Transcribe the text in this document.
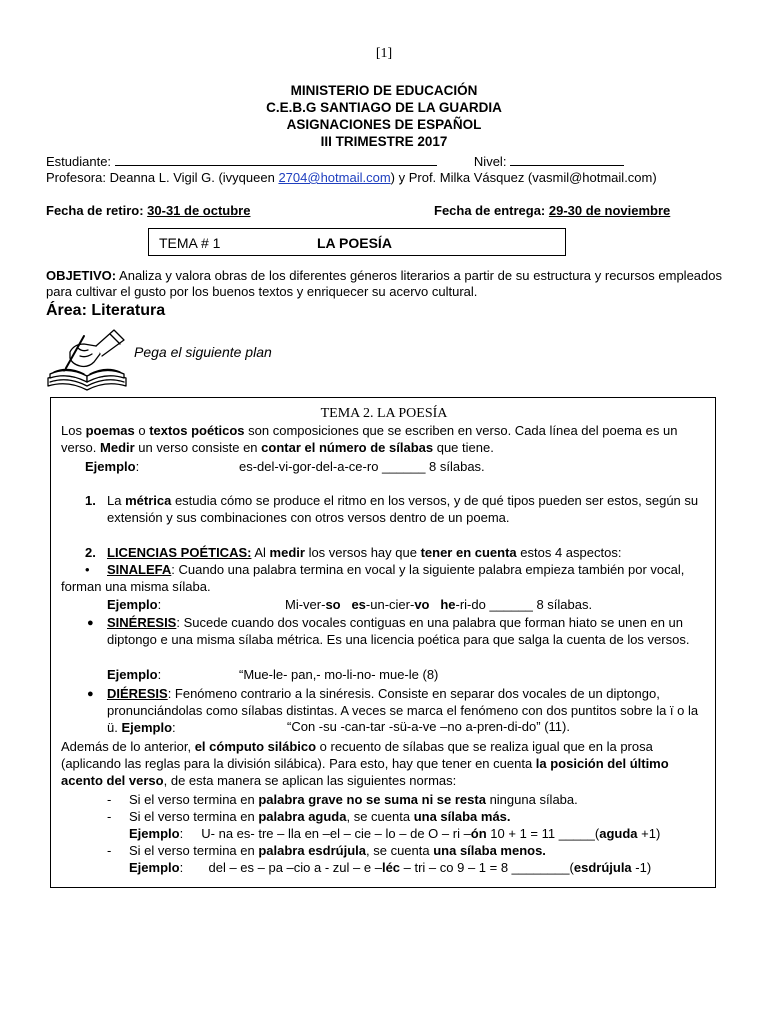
[1]
MINISTERIO DE EDUCACIÓN
C.E.B.G SANTIAGO DE LA GUARDIA
ASIGNACIONES DE ESPAÑOL
III TRIMESTRE 2017
Estudiante:	Nivel:
Profesora: Deanna L. Vigil G. (ivyqueen 2704@hotmail.com) y Prof. Milka Vásquez (vasmil@hotmail.com)
Fecha de retiro: 30-31 de octubre	Fecha de entrega: 29-30 de noviembre
TEMA # 1	LA POESÍA
OBJETIVO: Analiza y valora obras de los diferentes géneros literarios a partir de su estructura y recursos empleados para cultivar el gusto por los buenos textos y enriquecer su acervo cultural.
Área: Literatura
Pega el siguiente plan
TEMA 2. LA POESÍA
Los poemas o textos poéticos son composiciones que se escriben en verso. Cada línea del poema es un verso. Medir un verso consiste en contar el número de sílabas que tiene.
Ejemplo:	es-del-vi-gor-del-a-ce-ro ______ 8 sílabas.
1. La métrica estudia cómo se produce el ritmo en los versos, y de qué tipos pueden ser estos, según su extensión y sus combinaciones con otros versos dentro de un poema.
2. LICENCIAS POÉTICAS: Al medir los versos hay que tener en cuenta estos 4 aspectos:
•	SINALEFA: Cuando una palabra termina en vocal y la siguiente palabra empieza también por vocal, forman una misma sílaba.
Ejemplo:	Mi-ver-so es-un-cier-vo he-ri-do ______ 8 sílabas.
● SINÉRESIS: Sucede cuando dos vocales contiguas en una palabra que forman hiato se unen en un diptongo e una misma sílaba métrica. Es una licencia poética para que salga la cuenta de los versos.
Ejemplo:	“Mue-le- pan,- mo-li-no- mue-le (8)
● DIÉRESIS: Fenómeno contrario a la sinéresis. Consiste en separar dos vocales de un diptongo, pronunciándolas como sílabas distintas. A veces se marca el fenómeno con dos puntitos sobre la ï o la ü. Ejemplo:	“Con -su -can-tar -sü-a-ve –no a-pren-di-do” (11).
Además de lo anterior, el cómputo silábico o recuento de sílabas que se realiza igual que en la prosa (aplicando las reglas para la división silábica). Para esto, hay que tener en cuenta la posición del último acento del verso, de esta manera se aplican las siguientes normas:
- Si el verso termina en palabra grave no se suma ni se resta ninguna sílaba.
- Si el verso termina en palabra aguda, se cuenta una sílaba más.
Ejemplo: U- na es- tre – lla en –el – cie – lo – de O – ri –ón 10 + 1 = 11 _____(aguda +1)
- Si el verso termina en palabra esdrújula, se cuenta una sílaba menos.
Ejemplo: del – es – pa –cio a - zul – e –léc – tri – co 9 – 1 = 8 ________(esdrújula -1)
